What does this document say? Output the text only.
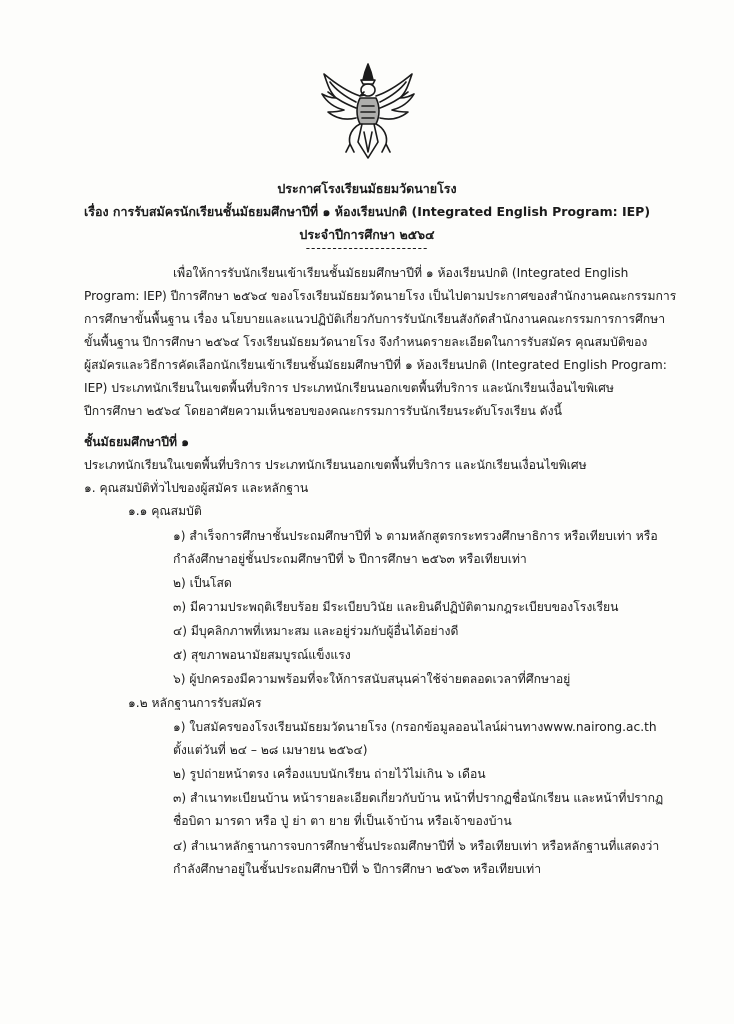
ประกาศโรงเรียนมัธยมวัดนายโรง
เรื่อง การรับสมัครนักเรียนชั้นมัธยมศึกษาปีที่ ๑ ห้องเรียนปกติ (Integrated English Program: IEP)
ประจำปีการศึกษา ๒๕๖๔
-----------------------
เพื่อให้การรับนักเรียนเข้าเรียนชั้นมัธยมศึกษาปีที่ ๑ ห้องเรียนปกติ (Integrated English
Program: IEP) ปีการศึกษา ๒๕๖๔ ของโรงเรียนมัธยมวัดนายโรง เป็นไปตามประกาศของสำนักงานคณะกรรมการ
การศึกษาขั้นพื้นฐาน เรื่อง นโยบายและแนวปฏิบัติเกี่ยวกับการรับนักเรียนสังกัดสำนักงานคณะกรรมการการศึกษา
ขั้นพื้นฐาน ปีการศึกษา ๒๕๖๔ โรงเรียนมัธยมวัดนายโรง จึงกำหนดรายละเอียดในการรับสมัคร คุณสมบัติของ
ผู้สมัครและวิธีการคัดเลือกนักเรียนเข้าเรียนชั้นมัธยมศึกษาปีที่ ๑ ห้องเรียนปกติ (Integrated English Program:
IEP) ประเภทนักเรียนในเขตพื้นที่บริการ ประเภทนักเรียนนอกเขตพื้นที่บริการ และนักเรียนเงื่อนไขพิเศษ
ปีการศึกษา ๒๕๖๔ โดยอาศัยความเห็นชอบของคณะกรรมการรับนักเรียนระดับโรงเรียน ดังนี้
ชั้นมัธยมศึกษาปีที่ ๑
ประเภทนักเรียนในเขตพื้นที่บริการ ประเภทนักเรียนนอกเขตพื้นที่บริการ และนักเรียนเงื่อนไขพิเศษ
๑. คุณสมบัติทั่วไปของผู้สมัคร และหลักฐาน
๑.๑ คุณสมบัติ
๑) สำเร็จการศึกษาชั้นประถมศึกษาปีที่ ๖ ตามหลักสูตรกระทรวงศึกษาธิการ หรือเทียบเท่า หรือ
กำลังศึกษาอยู่ชั้นประถมศึกษาปีที่ ๖ ปีการศึกษา ๒๕๖๓ หรือเทียบเท่า
๒) เป็นโสด
๓) มีความประพฤติเรียบร้อย มีระเบียบวินัย และยินดีปฏิบัติตามกฎระเบียบของโรงเรียน
๔) มีบุคลิกภาพที่เหมาะสม และอยู่ร่วมกับผู้อื่นได้อย่างดี
๕) สุขภาพอนามัยสมบูรณ์แข็งแรง
๖) ผู้ปกครองมีความพร้อมที่จะให้การสนับสนุนค่าใช้จ่ายตลอดเวลาที่ศึกษาอยู่
๑.๒ หลักฐานการรับสมัคร
๑) ใบสมัครของโรงเรียนมัธยมวัดนายโรง (กรอกข้อมูลออนไลน์ผ่านทางwww.nairong.ac.th
ตั้งแต่วันที่ ๒๔ – ๒๘ เมษายน ๒๕๖๔)
๒) รูปถ่ายหน้าตรง เครื่องแบบนักเรียน ถ่ายไว้ไม่เกิน ๖ เดือน
๓) สำเนาทะเบียนบ้าน หน้ารายละเอียดเกี่ยวกับบ้าน หน้าที่ปรากฏชื่อนักเรียน และหน้าที่ปรากฏ
ชื่อบิดา มารดา หรือ ปู่ ย่า ตา ยาย ที่เป็นเจ้าบ้าน หรือเจ้าของบ้าน
๔) สำเนาหลักฐานการจบการศึกษาชั้นประถมศึกษาปีที่ ๖ หรือเทียบเท่า หรือหลักฐานที่แสดงว่า
กำลังศึกษาอยู่ในชั้นประถมศึกษาปีที่ ๖ ปีการศึกษา ๒๕๖๓ หรือเทียบเท่า
